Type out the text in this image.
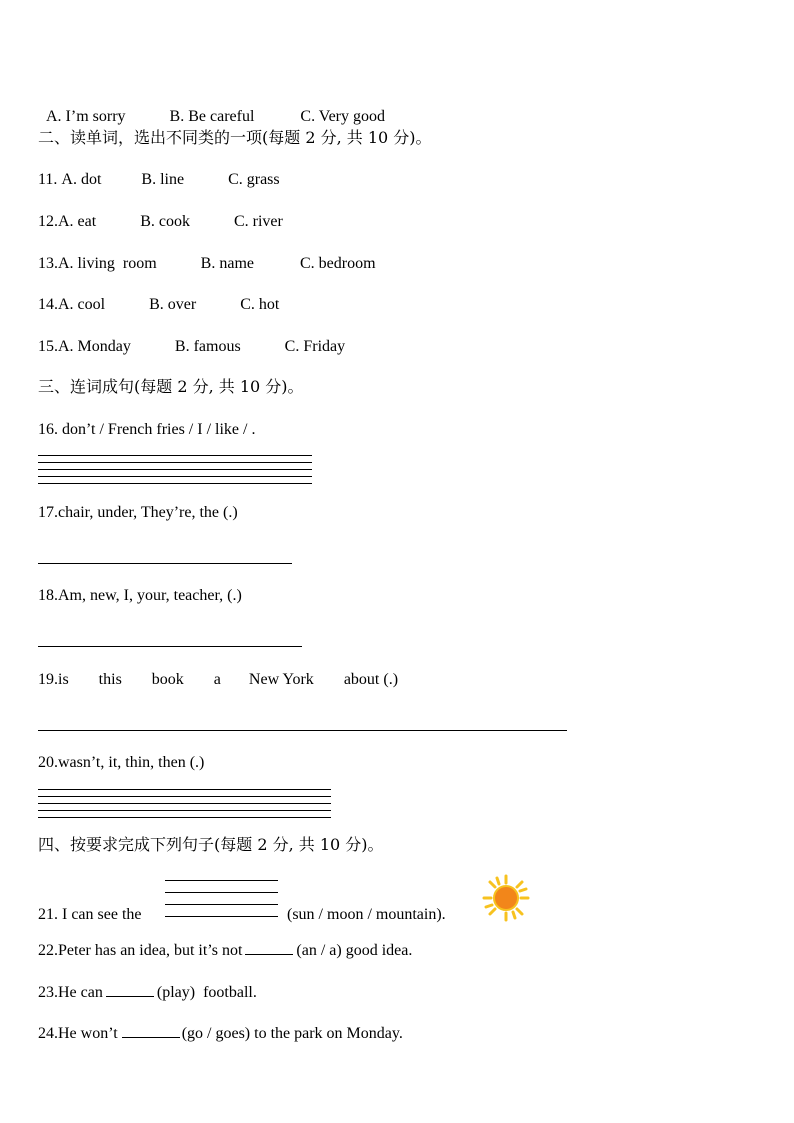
A. I’m sorry	B. Be careful	C. Very good

二、读单词，选出不同类的一项(每题 2 分, 共 10 分)。
11. A. dot	B. line	C. grass
12.A. eat	B. cook	C. river
13.A. living  room	B. name	C. bedroom
14.A. cool	B. over	C. hot
15.A. Monday	B. famous	C. Friday
三、连词成句(每题 2 分, 共 10 分)。
16. don’t / French fries / I / like / .
17.chair, under, They’re, the (.)
18.Am, new, I, your, teacher, (.)
19.is this book a New York about (.)
20.wasn’t, it, thin, then (.)
四、按要求完成下列句子(每题 2 分, 共 10 分)。
21. I can see the	(sun / moon / mountain).
22.Peter has an idea, but it’s not	(an / a) good idea.
23.He can	(play)  football.
24.He won’t	(go / goes) to the park on Monday.
